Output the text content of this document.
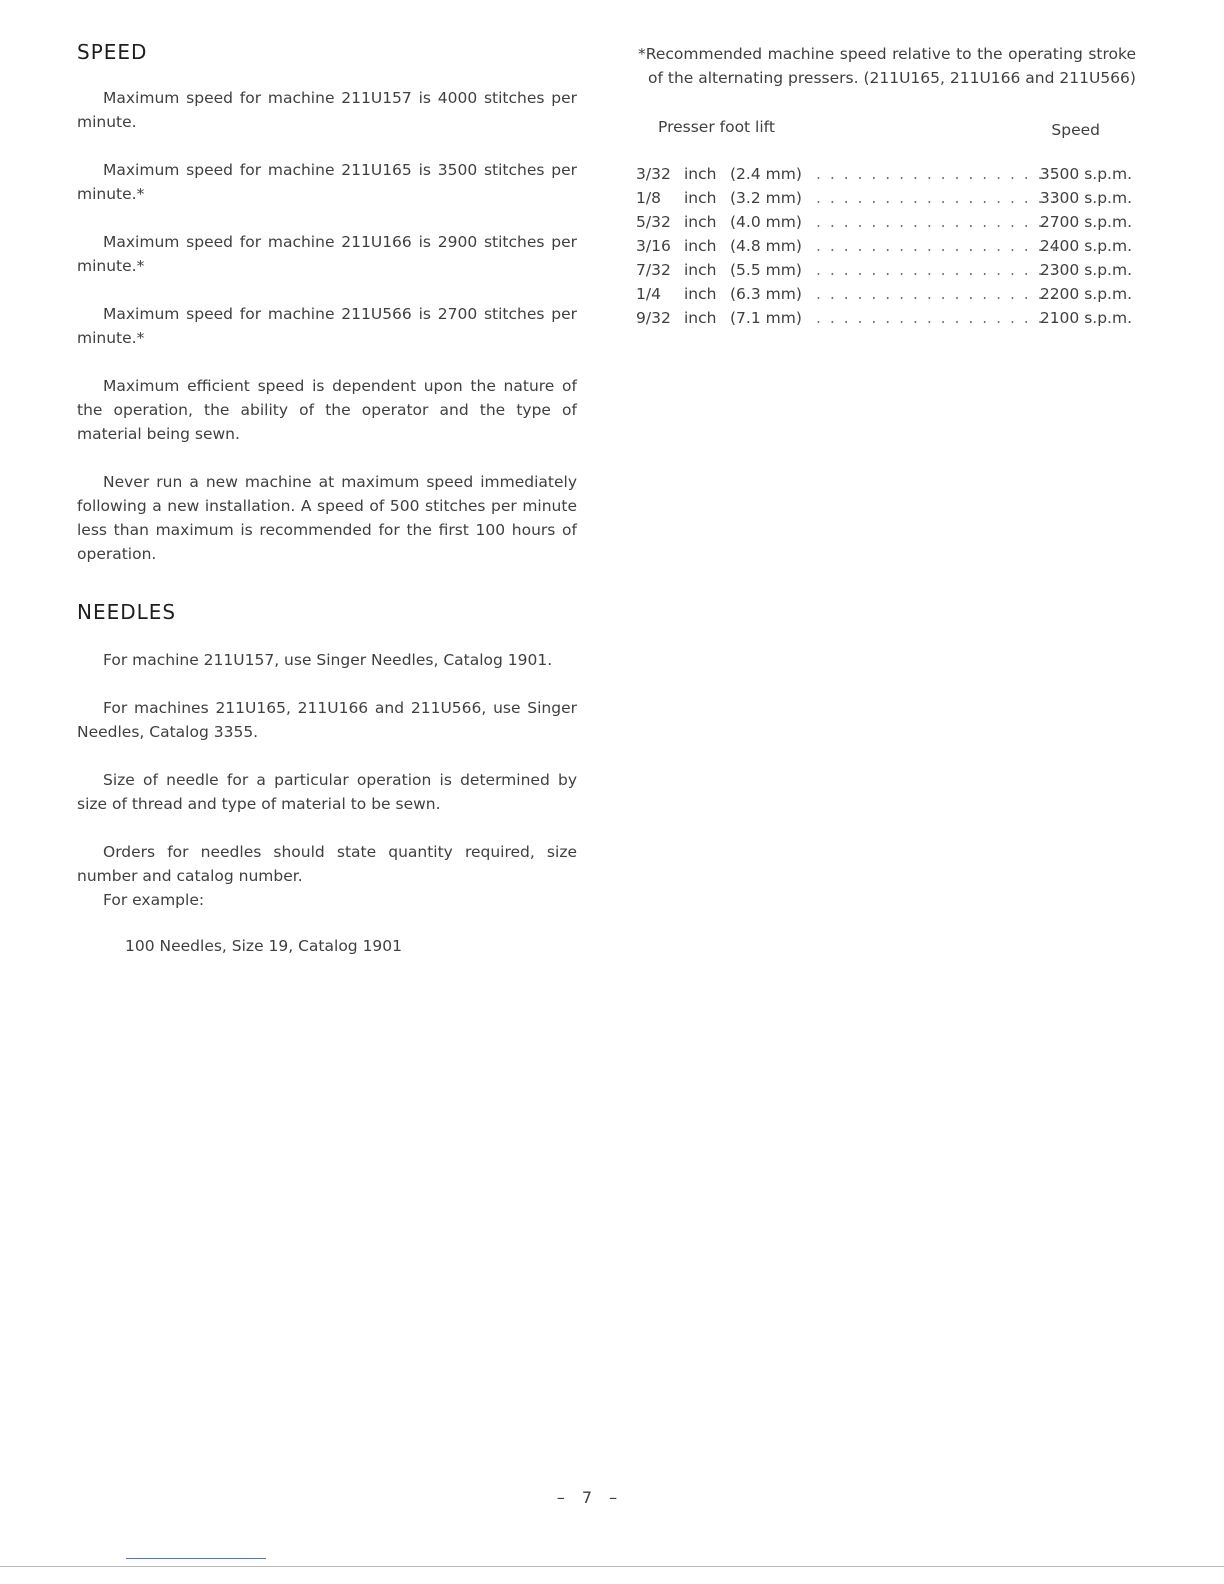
SPEED

Maximum speed for machine 211U157 is 4000 stitches per minute.

Maximum speed for machine 211U165 is 3500 stitches per minute.*

Maximum speed for machine 211U166 is 2900 stitches per minute.*

Maximum speed for machine 211U566 is 2700 stitches per minute.*

Maximum efficient speed is dependent upon the nature of the operation, the ability of the operator and the type of material being sewn.

Never run a new machine at maximum speed immediately following a new installation. A speed of 500 stitches per minute less than maximum is recommended for the first 100 hours of operation.

NEEDLES

For machine 211U157, use Singer Needles, Catalog 1901.

For machines 211U165, 211U166 and 211U566, use Singer Needles, Catalog 3355.

Size of needle for a particular operation is determined by size of thread and type of material to be sewn.

Orders for needles should state quantity required, size number and catalog number.

For example:

100 Needles, Size 19, Catalog 1901
*Recommended machine speed relative to the operating stroke of the alternating pressers. (211U165, 211U166 and 211U566)
Presser foot lift	Speed
3/32	inch	(2.4 mm)	. . . . . . . . . . . . . . . . . .	3500 s.p.m.
1/8	inch	(3.2 mm)	. . . . . . . . . . . . . . . . . .	3300 s.p.m.
5/32	inch	(4.0 mm)	. . . . . . . . . . . . . . . . . .	2700 s.p.m.
3/16	inch	(4.8 mm)	. . . . . . . . . . . . . . . . . .	2400 s.p.m.
7/32	inch	(5.5 mm)	. . . . . . . . . . . . . . . . . .	2300 s.p.m.
1/4	inch	(6.3 mm)	. . . . . . . . . . . . . . . . . .	2200 s.p.m.
9/32	inch	(7.1 mm)	. . . . . . . . . . . . . . . . . .	2100 s.p.m.
– 7 –
